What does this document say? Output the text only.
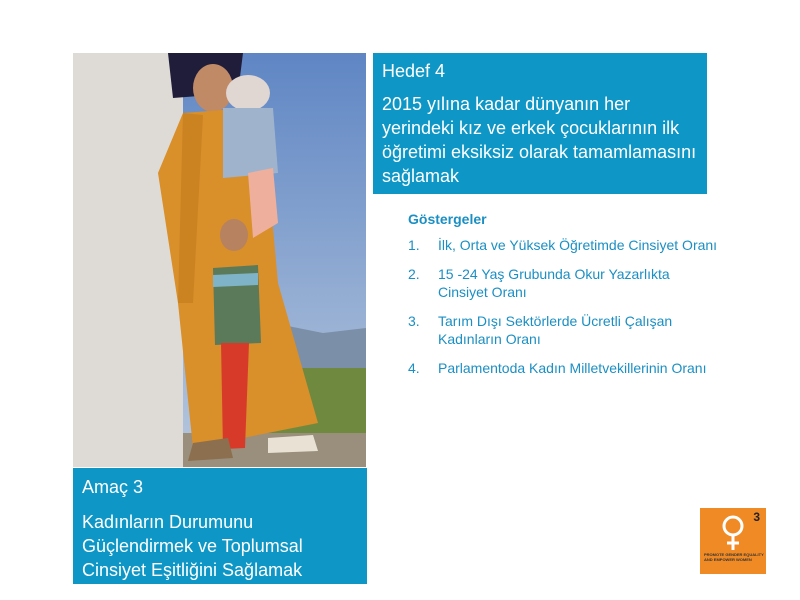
Hedef 4
2015 yılına kadar dünyanın her yerindeki kız ve erkek çocuklarının ilk öğretimi eksiksiz olarak tamamlamasını sağlamak
Göstergeler
1.	İlk, Orta ve Yüksek Öğretimde Cinsiyet Oranı
2.	15 -24 Yaş Grubunda Okur Yazarlıkta Cinsiyet Oranı
3.	Tarım Dışı Sektörlerde Ücretli Çalışan Kadınların Oranı
4.	Parlamentoda Kadın Milletvekillerinin Oranı
Amaç 3
Kadınların Durumunu Güçlendirmek ve Toplumsal Cinsiyet Eşitliğini Sağlamak
3
PROMOTE GENDER EQUALITY AND EMPOWER WOMEN
